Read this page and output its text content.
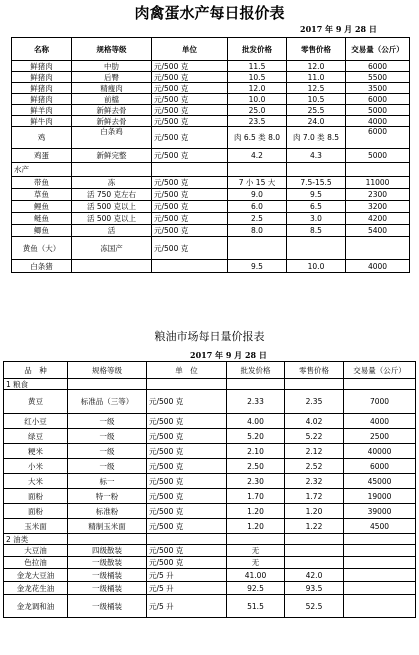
肉禽蛋水产每日报价表
2017 年 9 月 28 日
名称	规格等级	单位	批发价格	零售价格	交易量（公斤）
鲜猪肉	中肋	元/500 克	11.5	12.0	6000
鲜猪肉	后臀	元/500 克	10.5	11.0	5500
鲜猪肉	精瘦肉	元/500 克	12.0	12.5	3500
鲜猪肉	前檔	元/500 克	10.0	10.5	6000
鲜羊肉	新鲜去骨	元/500 克	25.0	25.5	5000
鲜牛肉	新鲜去骨	元/500 克	23.5	24.0	4000
鸡	白条鸡	元/500 克	肉 6.5 类 8.0	肉 7.0 类 8.5	6000
鸡蛋	新鲜完整	元/500 克	4.2	4.3	5000
水产					
带鱼	冻	元/500 克	7 小 15 大	7.5-15.5	11000
草鱼	活 750 克左右	元/500 克	9.0	9.5	2300
鲤鱼	活 500 克以上	元/500 克	6.0	6.5	3200
鲢鱼	活 500 克以上	元/500 克	2.5	3.0	4200
鲫鱼	活	元/500 克	8.0	8.5	5400
黄鱼（大）	冻国产	元/500 克			
白条猪			9.5	10.0	4000
粮油市场每日量价报表
2017 年 9 月 28 日
品　种	规格等级	单　位	批发价格	零售价格	交易量（公斤）
1 粮食					
黄豆	标准品（三等）	元/500 克	2.33	2.35	7000
红小豆	一级	元/500 克	4.00	4.02	4000
绿豆	一级	元/500 克	5.20	5.22	2500
粳米	一级	元/500 克	2.10	2.12	40000
小米	一级	元/500 克	2.50	2.52	6000
大米	标一	元/500 克	2.30	2.32	45000
面粉	特一粉	元/500 克	1.70	1.72	19000
面粉	标准粉	元/500 克	1.20	1.20	39000
玉米面	精制玉米面	元/500 克	1.20	1.22	4500
2 油类					
大豆油	四级散装	元/500 克	无		
色拉油	一级散装	元/500 克	无		
金龙大豆油	一级桶装	元/5 升	41.00	42.0	
金龙花生油	一级桶装	元/5 升	92.5	93.5	
金龙调和油	一级桶装	元/5 升	51.5	52.5	
